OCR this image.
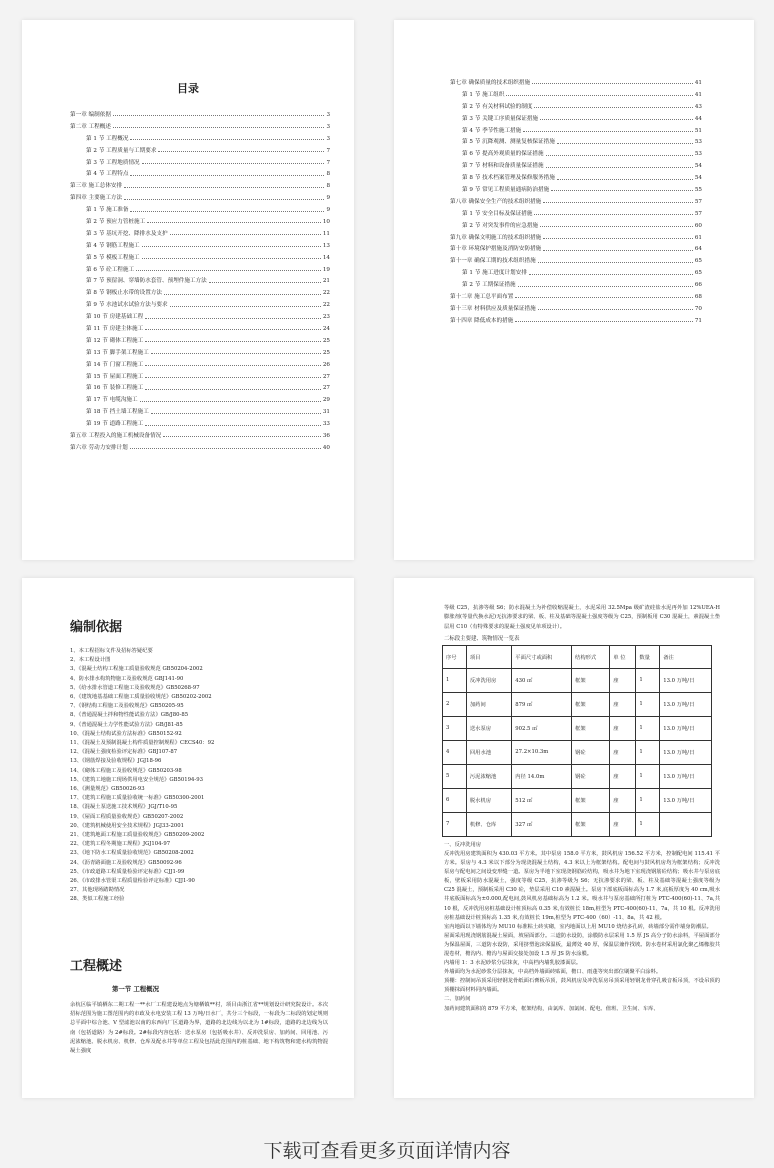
目录
第一章 编制依据	3
第二章 工程概述	3
第 1 节 工程概况	3
第 2 节 工程质量与工期要求	7
第 3 节 工程地质情况	7
第 4 节 工程特点	8
第三章 施工总体安排	8
第四章 主要施工方法	9
第 1 节 施工准备	9
第 2 节 预应力管桩施工	10
第 3 节 基坑开挖、降排水及支护	11
第 4 节 钢筋工程施工	13
第 5 节 模板工程施工	14
第 6 节 砼工程施工	19
第 7 节 预留洞、穿墙防水套管、预埋件施工方法	21
第 8 节 钢板止水带的设置方法	22
第 9 节 水池试水试验方法与要求	22
第 10 节 房建基础工程	23
第 11 节 房建主体施工	24
第 12 节 砌体工程施工	25
第 13 节 脚手架工程施工	25
第 14 节 门窗工程施工	26
第 15 节 屋面工程施工	27
第 16 节 装修工程施工	27
第 17 节 电缆沟施工	29
第 18 节 挡土墙工程施工	31
第 19 节 道路工程施工	33
第五章 工程投入的施工机械设备情况	36
第六章 劳动力安排计划	40
第七章 确保质量的技术组织措施	41
第 1 节 施工组织	41
第 2 节 有关材料试验的制度	43
第 3 节 关键工序质量保证措施	44
第 4 节 季节性施工措施	51
第 5 节 沉降观测、测量复核保证措施	53
第 6 节 提高外观质量的保证措施	53
第 7 节 材料和设备质量保证措施	54
第 8 节 技术档案管理及保修服务措施	54
第 9 节 常见工程质量通病防治措施	55
第八章 确保安全生产的技术组织措施	57
第 1 节 安全目标及保证措施	57
第 2 节 对突发事件的应急措施	60
第九章 确保文明施工的技术组织措施	61
第十章 环境保护措施及消防安防措施	64
第十一章 确保工期的技术组织措施	65
第 1 节 施工进度计划安排	65
第 2 节 工期保证措施	66
第十二章 施工总平面布置	68
第十三章 材料供应及质量保证措施	70
第十四章 降低成本的措施	71
编制依据
1、本工程招标文件及招标答疑纪要
2、本工程设计图
3、《混凝土结构工程施工质量验收规范 GB50204-2002
4、防水排水构筑物施工及验收规范 GBJ141-90
5、《给水排水管道工程施工及验收规范》GB50268-97
6、《建筑地基基础工程施工质量验收规范》GB50202-2002
7、《钢结构工程施工及验收规范》GB50205-95
8、《普通混凝土拌和物性能试验方法》GB/J80-85
9、《普通混凝土力学性能试验方法》GB/J81-85
10、《混凝土结构试验方法标准》GB50152-92
11、《混凝土及预制混凝土构件质量控制规程》CECS40：92
12、《混凝土强度检验评定标准》GBJ107-87
13、《钢筋焊接及验收规程》JGJ18-96
14、《砌体工程施工及验收规范》GB50203-98
15、《建筑工地施工现场供用电安全规范》GB50194-93
16、《测量规范》GB50026-93
17、《建筑工程施工质量验收统一标准》GB50300-2001
18、《混凝土泵送施工技术规程》JGJ/T10-95
19、《屋面工程质量验收规范》GB50207-2002
20、《建筑机械使用安全技术规程》JGJ33-2001
21、《建筑地面工程施工质量验收规范》GB50209-2002
22、《建筑工程冬期施工规程》JGJ104-97
23、《地下防水工程质量验收规范》GB50208-2002
24、《沥青路面施工及验收规范》GB50092-96
25、《市政道路工程质量检验评定标准》CJJ1-99
26、《市政排水管渠工程质量检验评定标准》CJJ1-90
27、其他现场踏勘情况
28、类似工程施工经验
工程概述
第一节 工程概况
余杭区临平镇栖东二期工程一**水厂工程建设地点为塘栖镇**村，项目由浙江省**规划设计研究院设计。本次招标范围为施工图范围内的市政及水电安装工程 13 万吨/日水厂，共分三个标段，一标段为二标段的划定规则总平面中综合池、V 型滤池以南的东西向厂区道路为界，道路的北边线为以北为 1#标段，道路的北边线为以南（包括道路）为 2#标段。2#标段内容包括：送水泵房（包括吸水井）、反冲洗泵房、加药间、回用池、污泥浓缩池、脱水机房、机修、仓库及配水井等单位工程及包括此范围内的桩基础、地下构筑物和建水构筑物混凝土强度
等级 C25，抗渗等级 S6；防水混凝土为补偿收缩混凝土，水泥采用 32.5Mpa 级矿渣硅盐水泥再外加 12%UEA-H 膨胀剂(等量代换水泥)无抗渗要求的梁、板、柱及基础等混凝土强度等级为 C25，预制板用 C30 混凝土，素混凝土垫层用 C10（有特殊要求的混凝土强度见单项设计）。
二标段主要建、筑物情况一览表
序号	项目	平面尺寸或面积	结构形式	单 位	数量	备注
1	反冲洗用房	430 ㎡	框架	座	1	13.0 万吨/日
2	加药间	879 ㎡	框架	座	1	13.0 万吨/日
3	送水泵房	902.5 ㎡	框架	座	1	13.0 万吨/日
4	回用水池	27.2×10.3m	钢砼	座	1	13.0 万吨/日
5	污泥浓缩池	内径 14.0m	钢砼	座	1	13.0 万吨/日
6	脱水机房	512 ㎡	框架	座	1	13.0 万吨/日
7	机修、仓库	327 ㎡	框架	座	1	

一、反冲洗用房

反冲洗用房建筑面积为 430.03 平方米。其中泵房 158.0 平方米，鼓风机房 156.52 平方米，控制配电间 115.41 平方米。泵房与 4.3 米以下部分为现浇混凝土结构，4.3 米以上为框架结构。配电间与鼓风机房均为框架结构；反冲洗泵房与配电间之间设变形缝一道。泵房为半地下室现浇钢筋砼结构，吸水井为地下室现浇钢筋砼结构；吸水井与泵房底板，壁板采用防水混凝土，强度等级 C25，抗渗等级为 S6；无抗渗要求的梁、板、柱及基础等混凝土强度等级为 C25 混凝土，预制板采用 C30 砼，垫层采用 C10 素混凝土。泵房下部底板面标高为 1.7 米,底板厚度为 40 cm,吸水井底板面标高为±0.000,配电间,鼓风机房基础标高为 1.2 米。吸水井与泵房基础所打桩为 PTC-400(60)-11、7a,共 10 根，反冲洗用房桩基础设计桩顶标高 0.35 米,有效桩长 18m,桩型为 PTC-400(60)-11、7a，共 10 根。反冲洗用房桩基础设计桩顶标高 1.35 米,有效桩长 19m,桩型为 PTC-400（60）-11、8a，共 42 根。

室内地面以下墙体均为 MU10 标准粘土砖实砌，室内地面以上用 MU10 烧结多孔砖，砖墙部分需作墙身防潮层。

屋面采用现浇钢筋混凝土屋面，坡屋面部分。三道防水设防，涂膜防水层采用 1.5 厚 JS 高分子防水涂料，平屋面部分为保温屋面，三道防水设防，采用挤塑泡沫保温板，最薄处 40 厚，保温层兼作找坡。防水卷材采用氯化聚乙烯橡胶共混卷材，檐沟内、檐沟与屋面交接处加设 1.5 厚 JS 防水涂膜。

内墙用 1：3 水泥砂浆分层抹灰，中高档内墙乳胶漆面层。

外墙面均为水泥砂浆分层抹灰，中高档外墙面砖贴面，檐口、雨蓬等突出部位刷聚平白涂料。

顶棚：控制间吊顶采用轻钢龙骨纸面石膏板吊顶，鼓风机房及冲洗泵房吊顶采用轻钢龙骨穿孔吸音板吊顶，不设吊顶的顶棚抹面材料同内墙面。

二、加药间

加药间建筑面积的 879 平方米，框架结构，由氯库、加氯间、配电、值班、卫生间、车库、

下载可查看更多页面详情内容
